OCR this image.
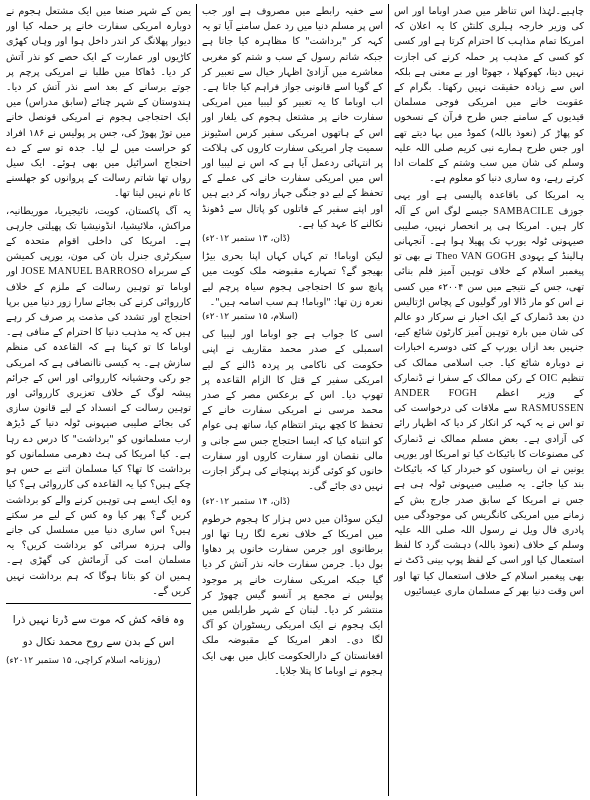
چاہیے۔لہٰذا اس تناظر میں صدر اوباما اور اس کی وزیر خارجہ ہیلری کلنٹن کا یہ اعلان کہ امریکا تمام مذاہب کا احترام کرتا ہے اور کسی کو کسی کے مذہب پر حملہ کرنے کی اجازت نہیں دیتا، کھوکھلا ، جھوٹا اور بے معنی ہے بلکہ اس سے زیادہ حقیقت نہیں رکھتا۔ بگرام کے عقوبت خانے میں امریکی فوجی مسلمان قیدیوں کے سامنے جس طرح قرآن کے نسخوں کو پھاڑ کر (نعوذ باللہ) کموڈ میں بہا دیتے تھے اور جس طرح ہمارے نبی کریم صلی اللہ علیہ وسلم کی شان میں سب وشتم کے کلمات ادا کرتے رہے، وہ ساری دنیا کو معلوم ہے۔

یہ امریکا کی باقاعدہ پالیسی ہے اور یہی جوزف SAMBACILE جیسے لوگ اس کے آلہ کار ہیں۔ امریکا ہی پر انحصار نہیں، صلیبی صیہونی ٹولہ یورپ تک پھیلا ہوا ہے۔ آنجہانی ہالینڈ کے یہودی Theo VAN GOGH نے بھی تو پیغمبر اسلام کے خلاف توہین آمیز فلم بنائی تھی، جس کے نتیجے میں سن ۲۰۰۴ء میں کسی نے اس کو مار ڈالا اور گولیوں کے پچاس اڑتالیس دن بعد ڈنمارک کے ایک اخبار نے سرکار دو عالم کی شان میں بارہ توہین آمیز کارٹون شائع کیے، جنہیں بعد ازاں یورپ کے کئی دوسرے اخبارات نے دوبارہ شائع کیا۔ جب اسلامی ممالک کی تنظیم OIC کے رکن ممالک کے سفرا نے ڈنمارک کے وزیر اعظم ANDER FOGH RASMUSSEN سے ملاقات کی درخواست کی تو اس نے یہ کہہ کر انکار کر دیا کہ اظہار رائے کی آزادی ہے۔ بعض مسلم ممالک نے ڈنمارک کی مصنوعات کا بائیکاٹ کیا تو امریکا اور یورپی یونین نے ان ریاستوں کو خبردار کیا کہ بائیکاٹ بند کیا جائے۔ یہ صلیبی صیہونی ٹولہ ہی ہے جس نے امریکا کے سابق صدر جارج بش کے زمانے میں امریکی کانگریس کی موجودگی میں پادری فال ویل نے رسول اللہ صلی اللہ علیہ وسلم کے خلاف (نعوذ باللہ) دہشت گرد کا لفظ استعمال کیا اور اسی کے لفظ پوپ بینی ڈکٹ نے بھی پیغمبر اسلام کے خلاف استعمال کیا تھا اور اس وقت دنیا بھر کے مسلمان ماری عیسائیوں

سے خفیہ رابطے میں مصروف ہے اور جب اس پر مسلم دنیا میں رد عمل سامنے آیا تو یہ کہہ کر "برداشت" کا مظاہرہ کیا جاتا ہے جبکہ شاتم رسول کے سب و شتم کو مغربی معاشرے میں آزادیٔ اظہار خیال سے تعبیر کر کے گویا اسے قانونی جواز فراہم کیا جاتا ہے۔ اب اوباما کا یہ تعبیر کو لیبیا میں امریکی سفارت خانے پر مشتعل ہجوم کی یلغار اور اس کے ہاتھوں امریکی سفیر کرس اسٹیونز سمیت چار امریکی سفارت کاروں کی ہلاکت پر انتہائی ردعمل آیا ہے کہ اس نے لیبیا اور اس میں امریکی سفارت خانے کی عملے کے تحفظ کے لیے دو جنگی جہاز روانہ کر دیے ہیں اور اپنے سفیر کے قاتلوں کو پاتال سے ڈھونڈ نکالنے کا عہد کیا ہے۔
(ڈان، ۱۳ ستمبر ۲۰۱۲ء)

لیکن اوباما! تم کہاں کہاں اپنا بحری بیڑا بھیجو گے؟ تمہارے مقبوضہ ملک کویت میں پانچ سو کا احتجاجی ہجوم سیاہ پرچم لیے نعرہ زن تھا: "اوباما! ہم سب اسامہ ہیں"۔
(اسلام، ۱۵ ستمبر ۲۰۱۲ء)

اسی کا جواب ہے جو اوباما اور لیبیا کی اسمبلی کے صدر محمد مقاریف نے اپنی حکومت کی ناکامی پر پردہ ڈالنے کے لیے امریکی سفیر کے قتل کا الزام القاعدہ پر تھوپ دیا۔ اس کے برعکس مصر کے صدر محمد مرسی نے امریکی سفارت خانے کے تحفظ کا کچھ بہتر انتظام کیا، ساتھ ہی عوام کو انتباہ کیا کہ ایسا احتجاج جس سے جانی و مالی نقصان اور سفارت کاروں اور سفارت خانوں کو کوئی گزند پہنچانے کی ہرگز اجازت نہیں دی جائے گی۔
(ڈان، ۱۴ ستمبر ۲۰۱۲ء)

لیکن سوڈان میں دس ہزار کا ہجوم خرطوم میں امریکا کے خلاف نعرے لگا رہا تھا اور برطانوی اور جرمن سفارت خانوں پر دھاوا بول دیا۔ جرمن سفارت خانہ نذر آتش کر دیا گیا جبکہ امریکی سفارت خانے پر موجود پولیس نے مجمع پر آنسو گیس چھوڑ کر منتشر کر دیا۔ لبنان کے شہر طرابلس میں ایک ہجوم نے ایک امریکی ریسٹوران کو آگ لگا دی۔ ادھر امریکا کے مقبوضہ ملک افغانستان کے دارالحکومت کابل میں بھی ایک ہجوم نے اوباما کا پتلا جلایا۔

یمن کے شہر صنعا میں ایک مشتعل ہجوم نے دوبارہ امریکی سفارت خانے پر حملہ کیا اور دیوار پھلانگ کر اندر داخل ہوا اور وہاں کھڑی کاڑیوں اور عمارت کے ایک حصے کو نذر آتش کر دیا۔ ڈھاکا میں طلبا نے امریکی پرچم پر جوتے برسانے کے بعد اسے نذر آتش کر دیا۔ ہندوستان کے شہر چنائے (سابق مدراس) میں ایک احتجاجی ہجوم نے امریکی قونصل خانے میں توڑ پھوڑ کی، جس پر پولیس نے ۱۸۶ افراد کو حراست میں لے لیا۔ جدہ تو سے کے دے احتجاج اسرائیل میں بھی ہوئے۔ ایک سیل رواں تھا شاتم رسالت کے پروانوں کو جھلسنے کا نام نہیں لیتا تھا۔

یہ آگ پاکستان، کویت، نائیجیریا، موریطانیہ، مراکش، ملائیشیا، انڈونیشیا تک پھیلتی جارہی ہے۔ امریکا کی داخلی اقوام متحدہ کے سیکرٹری جنرل بان کی مون، یورپی کمیشن کے سربراہ JOSE MANUEL BARROSO اور اوباما تو توہین رسالت کے ملزم کے خلاف کارروائی کرنے کی بجائے سارا زور دنیا میں برپا احتجاج اور تشدد کی مذمت پر صرف کر رہے ہیں کہ یہ مذہب دنیا کا احترام کے منافی ہے۔ اوباما کا تو کہنا ہے کہ القاعدہ کی منظم سازش ہے۔ یہ کیسی ناانصافی ہے کہ امریکی جو رکی وحشیانہ کارروائی اور اس کے جرائم پیشہ لوگ کے خلاف تعزیری کارروائی اور توہین رسالت کے انسداد کے لیے قانون سازی کی بجائے صلیبی صیہونی ٹولہ دنیا کے ڈیڑھ ارب مسلمانوں کو "برداشت" کا درس دے رہا ہے۔ کیا امریکا کی ہٹ دھرمی مسلمانوں کو برداشت کا تھا؟ کیا مسلمان اتنے بے حس ہو چکے ہیں؟ کیا یہ القاعدہ کی کارروائی ہے؟ کیا وہ ایک ایسے ہی توہین کرنے والے کو برداشت کریں گے؟ پھر کیا وہ کس کے لیے مر سکتے ہیں؟ اس ساری دنیا میں مسلسل کی جانے والی ہرزہ سرائی کو برداشت کریں؟ یہ مسلمان امت کی آزمائش کی گھڑی ہے۔ ہمیں ان کو بتانا ہوگا کہ ہم برداشت نہیں کریں گے۔

وہ فاقہ کش کہ موت سے ڈرتا نہیں ذرا
اس کے بدن سے روح محمد نکال دو
(روزنامہ اسلام کراچی، ۱۵ ستمبر ۲۰۱۲ء)
